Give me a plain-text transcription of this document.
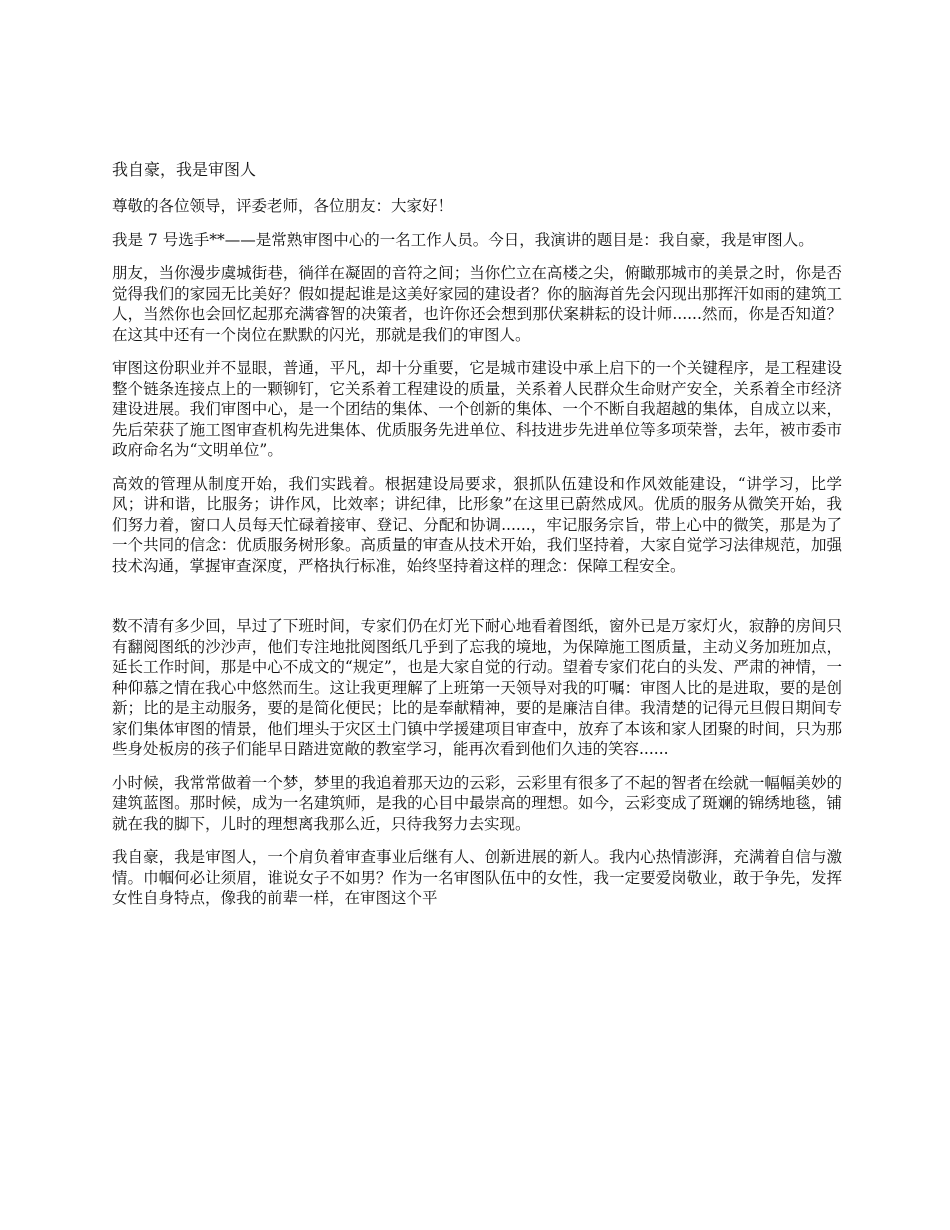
我自豪，我是审图人

尊敬的各位领导，评委老师，各位朋友：大家好！

我是 7 号选手**——是常熟审图中心的一名工作人员。今日，我演讲的题目是：我自豪，我是审图人。

朋友，当你漫步虞城街巷，徜徉在凝固的音符之间；当你伫立在高楼之尖，俯瞰那城市的美景之时，你是否觉得我们的家园无比美好？假如提起谁是这美好家园的建设者？你的脑海首先会闪现出那挥汗如雨的建筑工人，当然你也会回忆起那充满睿智的决策者，也许你还会想到那伏案耕耘的设计师......然而，你是否知道？在这其中还有一个岗位在默默的闪光，那就是我们的审图人。

审图这份职业并不显眼，普通，平凡，却十分重要，它是城市建设中承上启下的一个关键程序，是工程建设整个链条连接点上的一颗铆钉，它关系着工程建设的质量，关系着人民群众生命财产安全，关系着全市经济建设进展。我们审图中心，是一个团结的集体、一个创新的集体、一个不断自我超越的集体，自成立以来，先后荣获了施工图审查机构先进集体、优质服务先进单位、科技进步先进单位等多项荣誉，去年，被市委市政府命名为“文明单位”。

高效的管理从制度开始，我们实践着。根据建设局要求，狠抓队伍建设和作风效能建设，“讲学习，比学风；讲和谐，比服务；讲作风，比效率；讲纪律，比形象”在这里已蔚然成风。优质的服务从微笑开始，我们努力着，窗口人员每天忙碌着接审、登记、分配和协调......，牢记服务宗旨，带上心中的微笑，那是为了一个共同的信念：优质服务树形象。高质量的审查从技术开始，我们坚持着，大家自觉学习法律规范，加强技术沟通，掌握审查深度，严格执行标准，始终坚持着这样的理念：保障工程安全。

数不清有多少回，早过了下班时间，专家们仍在灯光下耐心地看着图纸，窗外已是万家灯火，寂静的房间只有翻阅图纸的沙沙声，他们专注地批阅图纸几乎到了忘我的境地，为保障施工图质量，主动义务加班加点，延长工作时间，那是中心不成文的“规定”，也是大家自觉的行动。望着专家们花白的头发、严肃的神情，一种仰慕之情在我心中悠然而生。这让我更理解了上班第一天领导对我的叮嘱：审图人比的是进取，要的是创新；比的是主动服务，要的是简化便民；比的是奉献精神，要的是廉洁自律。我清楚的记得元旦假日期间专家们集体审图的情景，他们埋头于灾区土门镇中学援建项目审查中，放弃了本该和家人团聚的时间，只为那些身处板房的孩子们能早日踏进宽敞的教室学习，能再次看到他们久违的笑容......

小时候，我常常做着一个梦，梦里的我追着那天边的云彩，云彩里有很多了不起的智者在绘就一幅幅美妙的建筑蓝图。那时候，成为一名建筑师，是我的心目中最崇高的理想。如今，云彩变成了斑斓的锦绣地毯，铺就在我的脚下，儿时的理想离我那么近，只待我努力去实现。

我自豪，我是审图人，一个肩负着审查事业后继有人、创新进展的新人。我内心热情澎湃，充满着自信与激情。巾帼何必让须眉，谁说女子不如男？作为一名审图队伍中的女性，我一定要爱岗敬业，敢于争先，发挥女性自身特点，像我的前辈一样，在审图这个平
